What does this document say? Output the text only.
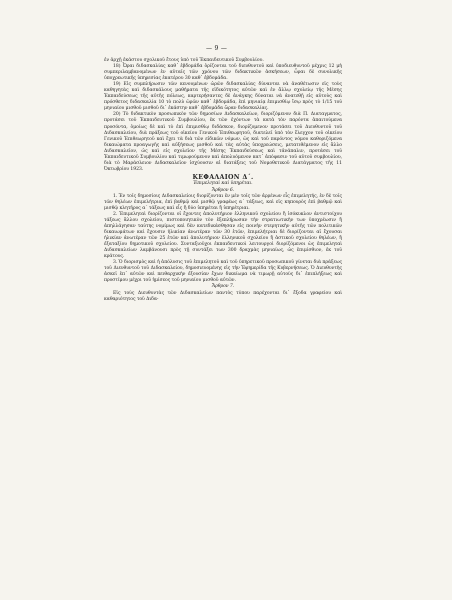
— 9 —

ἐν ἀρχῇ ἑκάστου σχολικοῦ ἔτους ὑπὸ τοῦ Ἐκπαιδευτικοῦ Συμβουλίου.

18) Ὧραι διδασκαλίας καθ᾽ ἑβδομάδα ὁρίζονται τοῦ διευθυντοῦ καὶ ὑποδιευθυντοῦ μέχρις 12 μὴ συμπεριλαμβανομένων ἐν αὐταῖς τῶν χρόνου τῶν διδακτικῶν ἀσκήσεων, ὧραι δὲ συνολικῆς ὑποχρεωτικῆς ὑπηρεσίας ἑκατέρου 30 καθ᾽ ἑβδομάδα.

19) Εἰς συμπλήρωσιν τῶν κενουμένων ὡρῶν διδασκαλίας δύνανται νὰ ἀναθέτωσιν εἰς τοὺς καθηγητὰς καὶ διδασκάλους μαθήματα τῆς εἰδικότητος αὐτῶν καὶ ἐν ἄλλῳ σχολείῳ τῆς Μέσης Ἐκπαιδεύσεως τῆς αὐτῆς πόλεως, καρτερήσαντες δὲ ἀνάγκης δύναται νὰ ἀνατεθῇ εἰς αὐτοὺς καὶ πρόσθετος διδασκαλία 10 τὸ πολὺ ὡρῶν καθ᾽ ἑβδομάδα, ἐπὶ μηνιαίᾳ ἐπιμισθίῳ ἴσῳ πρὸς τὸ 1/15 τοῦ μηνιαίου μισθοῦ μισθοῦ δι᾽ ἑκάστην καθ᾽ ἑβδομάδα ὥραν διδασκαλίας.

20) Τὸ διδακτικὸν προσωπικὸν τῶν δημοσίων Διδασκαλείων, διοριζόμενον διὰ Π. Διαταγματος, προτάσει τοῦ Ἐκπαιδευτικοῦ Συμβουλίου, ἐκ τῶν ἐχόντων τὰ κατὰ τὸν παρόντα ἀπαιτούμενα προσόντα, ὁμοίως δὲ καὶ τὸ ἐπὶ ἐπιμισθίῳ διδάσκον, διορίζομενον προτάσει τοῦ Διευθυντοῦ τοῦ Διδασκαλείου, διὰ πράξεως τοῦ οἰκείου Γενικοῦ Ἐπιθεωρητοῦ, διατελεῖ ὑπὸ τὸν ἔλεγχον τοῦ οἰκείου Γενικοῦ Ἐπιθεωρητοῦ καὶ ἔχει τὰ διὰ τῶν εἰδικῶν νόμων, ὡς καὶ τοῦ παρόντος νόμου καθοριζόμενα δικαιώματα προαγωγῆς καὶ αὐξήσεως μισθοῦ καὶ τὰς αὐτὰς ὑποχρεώσεις, μετατιθέμενον εἰς ἄλλο Διδασκαλεῖον, ὡς καὶ εἰς σχολεῖον τῆς Μέσης Ἐκπαιδεύσεως καὶ τἀνάπαλιν, προτάσει τοῦ Ἐκπαιδευτικοῦ Συμβουλίου καὶ τιμωρούμενον καὶ ἀπολυόμενον κατ᾽ ἀπόφασιν τοῦ αὐτοῦ συμβουλίου, διὰ τὸ Μαράσλειον Διδασκαλεῖον ἰσχύουσιν αἱ διατάξεις τοῦ Νομοθετικοῦ Διατάγματος τῆς 11 Ὀκτωβρίου 1923.

ΚΕΦΑΛΑΙΟΝ Δ΄.

Ἐπιμεληταὶ καὶ ὑπηρέται.

Ἄρθρον 6.

1. Ἐν τοῖς δημοσίοις Διδασκαλείοις διορίζονται ἐν μὲν τοῖς τῶν ἀρρένων εἷς ἐπιμελητής, ἐν δὲ τοῖς τῶν θηλέων ἐπιμελήτρια, ἐπὶ βαθμῷ καὶ μισθῷ γραφέως α΄ τάξεως, καὶ εἰς κηπουρὸς ἐπὶ βαθμῷ καὶ μισθῷ κλητῆρος α΄ τάξεως καὶ εἷς ἢ δύο ὑπηρέται ἢ ὑπηρέτριαι.

2. Ἐπιμεληταὶ διορίζονται οἱ ἔχοντες ἀπολυτήριον ἑλληνικοῦ σχολείου ἢ ἰσόκυκλον ἀντιστοίχου τάξεως ἄλλου σχολείου, πιστοποιητικὸν τὸν ἐξεπλήρωσαν τὴν στρατιωτικὴν των ὑποχρέωσιν ἢ ἀπηλλάγησαν ταύτης νομίμως καὶ δὲν κατεδικάσθησαν εἰς ποινὴν στερητικὴν αὐτῆς τῶν πολιτικῶν δικαιωμάτων καὶ ἔχουσιν ἡλικίαν ἀνωτέραν τῶν 30 ἐτῶν, ἐπιμελήτριαι δὲ διορίζονται αἱ ἔχουσαι ἡλικίαν ἀνωτέραν τῶν 25 ἐτῶν καὶ ἀπολυτήριον ἑλληνικοῦ σχολείου ἢ ἀστικοῦ σχολείου θηλέων, ἢ ἐξαταξίου δημοτικοῦ σχολείου. Συνταξιοῦχοι ἐκπαιδευτικοὶ λειτουργοὶ διορίζόμενοι ὡς ἐπιμεληταὶ Διδασκαλείων λαμβάνουσι πρὸς τῇ συντάξει των 300 δραχμὰς μηνιαίως, ὡς ἐπιμίσθιον, ἐκ τοῦ κράτους.

3. Ὁ διορισμὸς καὶ ἡ ἀπόλυσις τοῦ ἐπιμελητοῦ καὶ τοῦ ὑπηρετικοῦ προσωπικοῦ γίνεται διὰ πράξεως τοῦ Διευθυντοῦ τοῦ Διδασκαλείου, δημοσιευομένης εἰς τὴν Ἐφημερίδα τῆς Κυβερνήσεως. Ὁ Διευθυντὴς ἀσκεῖ ἐπ᾽ αὐτῶν καὶ πειθαρχικὴν ἐξουσίαν ἔχων δικαίωμα νὰ τιμωρῇ αὐτοὺς δι᾽ ἐπιπλήξεως καὶ προστίμου μέχρι τοῦ ἡμίσεος τοῦ μηνιαίου μισθοῦ αὐτῶν.

Ἄρθρον 7.

Εἰς τοὺς Διευθυντὰς τῶν Διδασκαλείων παντὸς τύπου παρέχονται δι᾽ ἔξοδα γραφείου καὶ καθαριότητος τοῦ Διδα-
